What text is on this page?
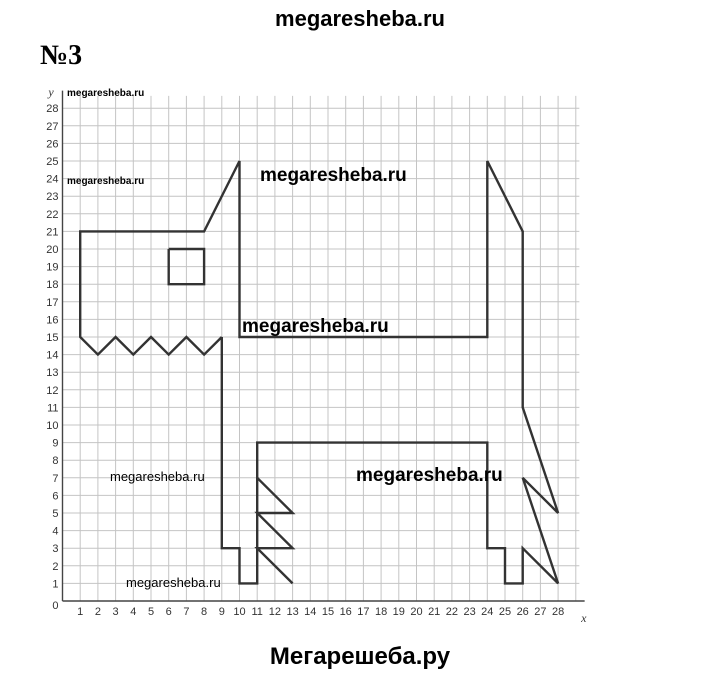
megaresheba.ru
№3
x
y
0
1 2 3 4 5 6 7 8 9 10 11 12 13 14 15 16 17 18 19 20 21 22 23 24 25 26 27 28
1
2
3
4
5
6
7
8
9
10
11
12
13
14
15
16
17
18
19
20
21
22
23
24
25
26
27
28
megaresheba.ru
megaresheba.ru	megaresheba.ru
megaresheba.ru
megaresheba.ru	megaresheba.ru
megaresheba.ru
Мегарешеба.ру
